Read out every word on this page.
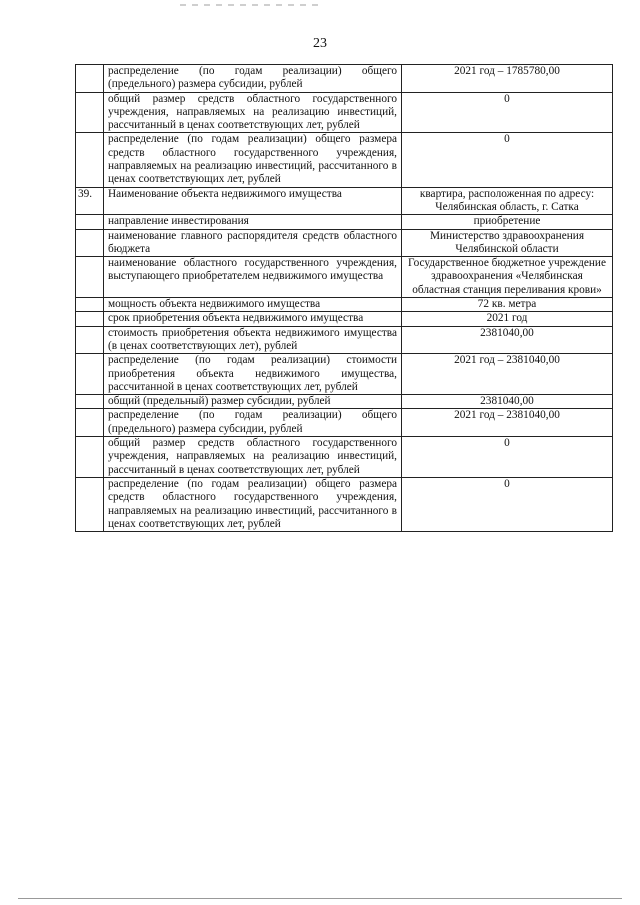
23
	распределение (по годам реализации) общего (предельного) размера субсидии, рублей	2021 год – 1785780,00
	общий размер средств областного государственного учреждения, направляемых на реализацию инвестиций, рассчитанный в ценах соответствующих лет, рублей	0
	распределение (по годам реализации) общего размера средств областного государственного учреждения, направляемых на реализацию инвестиций, рассчитанного в ценах соответствующих лет, рублей	0
39.	Наименование объекта недвижимого имущества	квартира, расположенная по адресу: Челябинская область, г. Сатка
	направление инвестирования	приобретение
	наименование главного распорядителя средств областного бюджета	Министерство здравоохранения Челябинской области
	наименование областного государственного учреждения, выступающего приобретателем недвижимого имущества	Государственное бюджетное учреждение здравоохранения «Челябинская областная станция переливания крови»
	мощность объекта недвижимого имущества	72 кв. метра
	срок приобретения объекта недвижимого имущества	2021 год
	стоимость приобретения объекта недвижимого имущества (в ценах соответствующих лет), рублей	2381040,00
	распределение (по годам реализации) стоимости приобретения объекта недвижимого имущества, рассчитанной в ценах соответствующих лет, рублей	2021 год – 2381040,00
	общий (предельный) размер субсидии, рублей	2381040,00
	распределение (по годам реализации) общего (предельного) размера субсидии, рублей	2021 год – 2381040,00
	общий размер средств областного государственного учреждения, направляемых на реализацию инвестиций, рассчитанный в ценах соответствующих лет, рублей	0
	распределение (по годам реализации) общего размера средств областного государственного учреждения, направляемых на реализацию инвестиций, рассчитанного в ценах соответствующих лет, рублей	0
